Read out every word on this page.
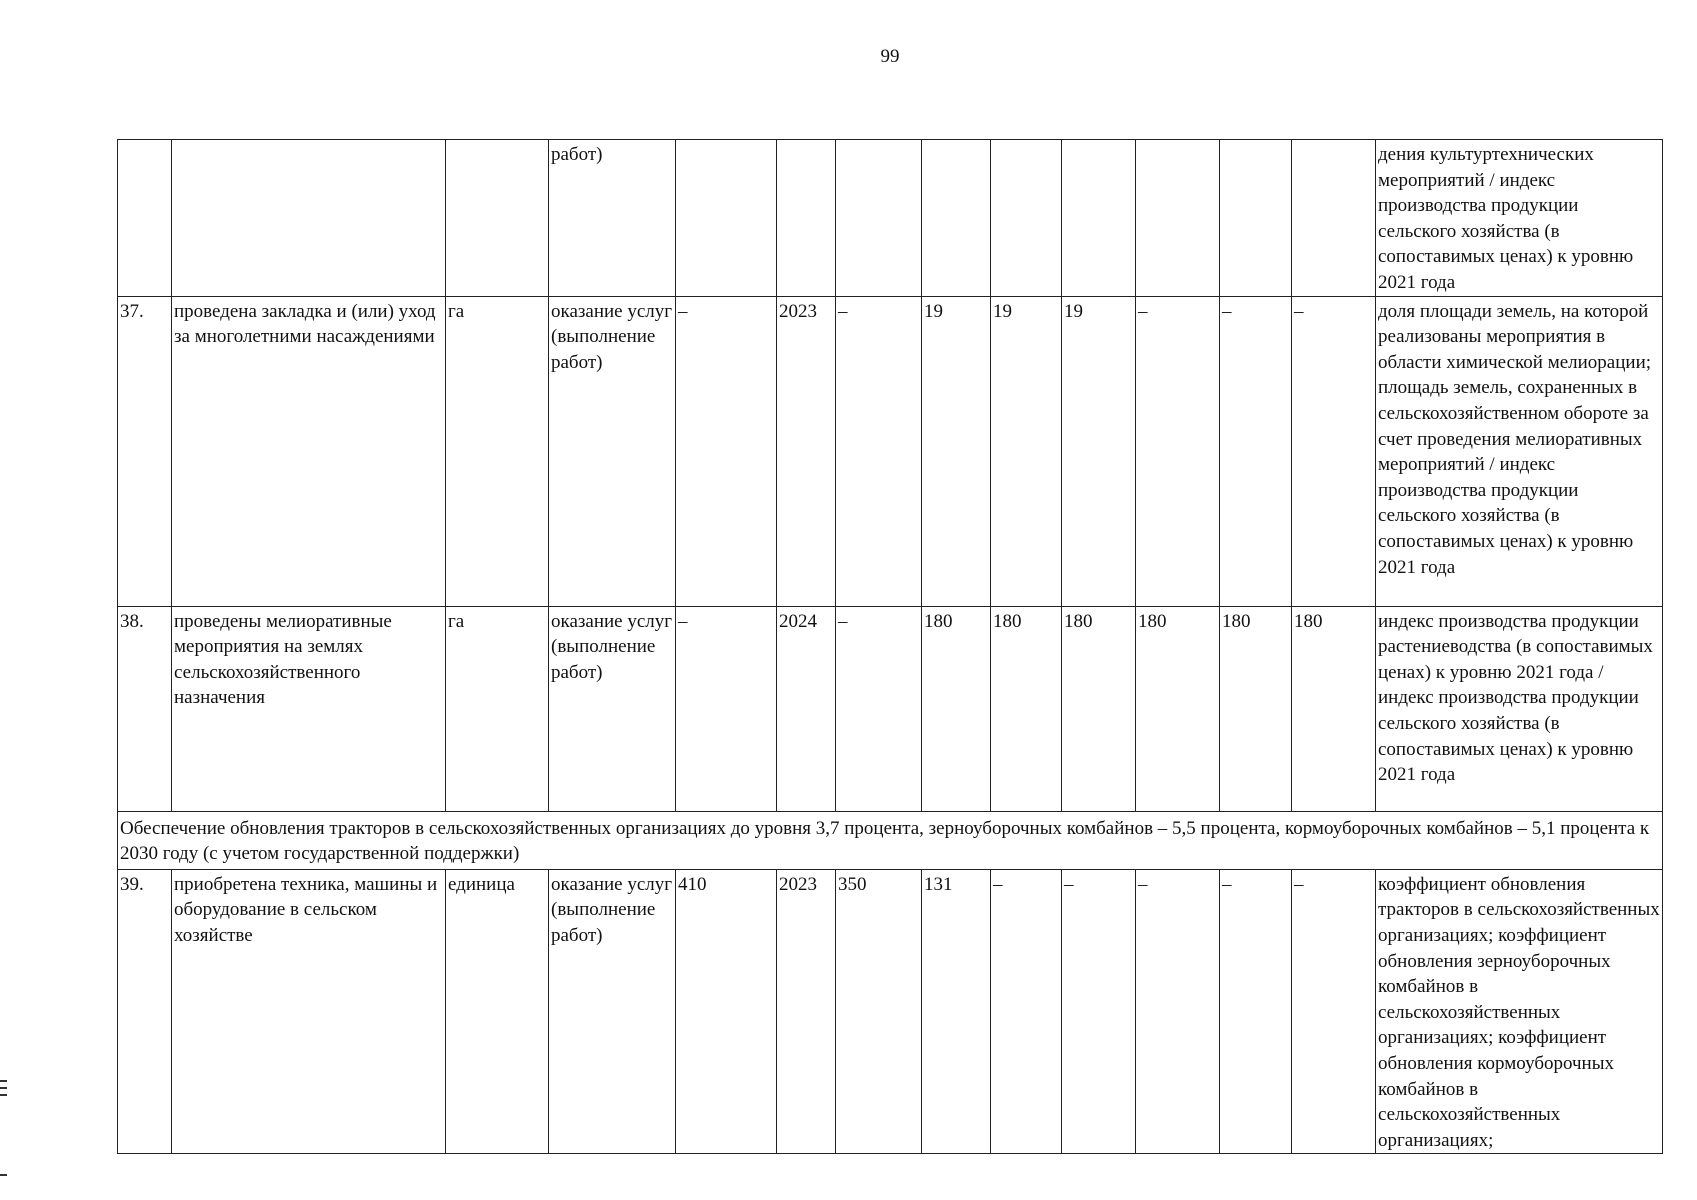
99
			работ)										дения культуртехнических мероприятий / индекс производства продукции сельского хозяйства (в сопоставимых ценах) к уровню 2021 года
37.	проведена закладка и (или) уход за многолетними насаждениями	га	оказание услуг (выполнение работ)	–	2023	–	19	19	19	–	–	–	доля площади земель, на которой реализованы мероприятия в области химической мелиорации; площадь земель, сохраненных в сельскохозяйственном обороте за счет проведения мелиоративных мероприятий / индекс производства продукции сельского хозяйства (в сопоставимых ценах) к уровню 2021 года
38.	проведены мелиоративные мероприятия на землях сельскохозяйственного назначения	га	оказание услуг (выполнение работ)	–	2024	–	180	180	180	180	180	180	индекс производства продукции растениеводства (в сопоставимых ценах) к уровню 2021 года / индекс производства продукции сельского хозяйства (в сопоставимых ценах) к уровню 2021 года
Обеспечение обновления тракторов в сельскохозяйственных организациях до уровня 3,7 процента, зерноуборочных комбайнов – 5,5 процента, кормоуборочных комбайнов – 5,1 процента к 2030 году (с учетом государственной поддержки)													
39.	приобретена техника, машины и оборудование в сельском хозяйстве	единица	оказание услуг (выполнение работ)	410	2023	350	131	–	–	–	–	–	коэффициент обновления тракторов в сельскохозяйственных организациях; коэффициент обновления зерноуборочных комбайнов в сельскохозяйственных организациях; коэффициент обновления кормоуборочных комбайнов в сельскохозяйственных организациях;
